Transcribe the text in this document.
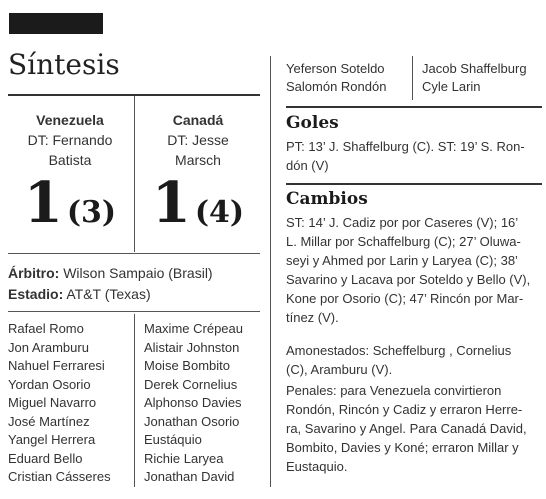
Síntesis
Venezuela
DT: Fernando
Batista
1 (3)
Canadá
DT: Jesse
Marsch
1 (4)
Árbitro: Wilson Sampaio (Brasil)
Estadio: AT&T (Texas)
Rafael Romo
Jon Aramburu
Nahuel Ferraresi
Yordan Osorio
Miguel Navarro
José Martínez
Yangel Herrera
Eduard Bello
Cristian Cásseres
Maxime Crépeau
Alistair Johnston
Moise Bombito
Derek Cornelius
Alphonso Davies
Jonathan Osorio
Eustáquio
Richie Laryea
Jonathan David
Yeferson Soteldo
Salomón Rondón
Jacob Shaffelburg
Cyle Larin
Goles
PT: 13’ J. Shaffelburg (C). ST: 19’ S. Ron-
dón (V)
Cambios
ST: 14’ J. Cadiz por por Caseres (V); 16’
L. Millar por Schaffelburg (C); 27’ Oluwa-
seyi y Ahmed por Larin y Laryea (C); 38’
Savarino y Lacava por Soteldo y Bello (V),
Kone por Osorio (C); 47’ Rincón por Mar-
tínez (V).
Amonestados: Scheffelburg , Cornelius
(C), Aramburu (V).
Penales: para Venezuela convirtieron
Rondón, Rincón y Cadiz y erraron Herre-
ra, Savarino y Angel. Para Canadá David,
Bombito, Davies y Koné; erraron Millar y
Eustaquio.
